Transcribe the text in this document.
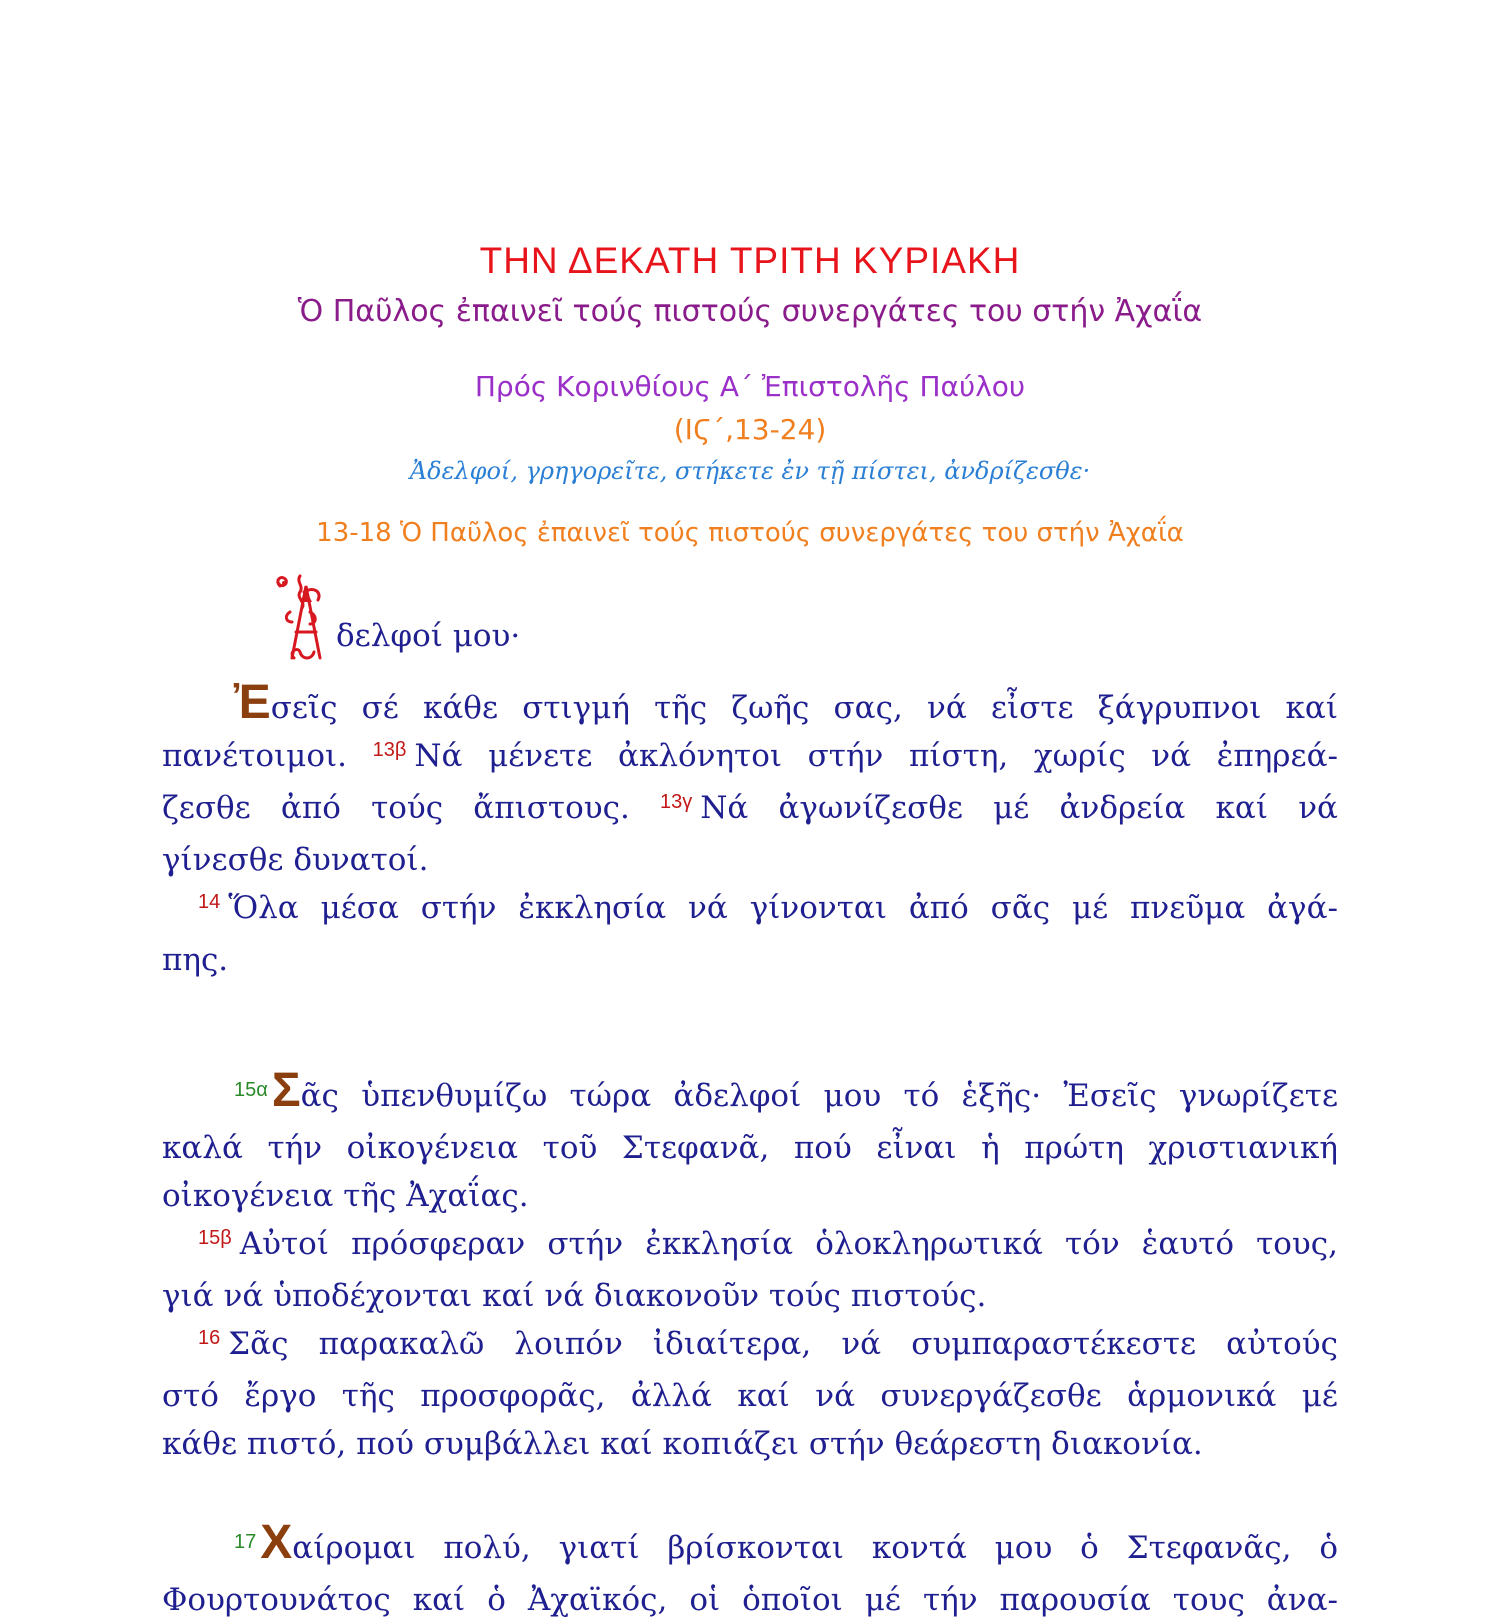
ΤΗΝ ΔΕΚΑΤΗ ΤΡΙΤΗ ΚΥΡΙΑΚΗ
Ὁ Παῦλος ἐπαινεῖ τούς πιστούς συνεργάτες του στήν Ἀχαΐα
Πρός Κορινθίους Α΄ Ἐπιστολῆς Παύλου
(ΙϚ΄,13-24)
Ἀδελφοί, γρηγορεῖτε, στήκετε ἐν τῇ πίστει, ἀνδρίζεσθε·
13-18 Ὁ Παῦλος ἐπαινεῖ τούς πιστούς συνεργάτες του στήν Ἀχαΐα
δελφοί μου·

Ἐσεῖς σέ κάθε στιγμή τῆς ζωῆς σας, νά εἶστε ξάγρυπνοι καί
πανέτοιμοι. $^{13\beta}$ Νά μένετε ἀκλόνητοι στήν πίστη, χωρίς νά ἐπηρεά-
ζεσθε ἀπό τούς ἄπιστους. $^{13\gamma}$ Νά ἀγωνίζεσθε μέ ἀνδρεία καί νά
γίνεσθε δυνατοί.

$^{14}$ Ὅλα μέσα στήν ἐκκλησία νά γίνονται ἀπό σᾶς μέ πνεῦμα ἀγά-
πης.

$^{15\alpha}$Σᾶς ὑπενθυμίζω τώρα ἀδελφοί μου τό ἑξῆς· Ἐσεῖς γνωρίζετε
καλά τήν οἰκογένεια τοῦ Στεφανᾶ, πού εἶναι ἡ πρώτη χριστιανική
οἰκογένεια τῆς Ἀχαΐας.

$^{15\beta}$ Αὐτοί πρόσφεραν στήν ἐκκλησία ὁλοκληρωτικά τόν ἑαυτό τους,
γιά νά ὑποδέχονται καί νά διακονοῦν τούς πιστούς.

$^{16}$ Σᾶς παρακαλῶ λοιπόν ἰδιαίτερα, νά συμπαραστέκεστε αὐτούς
στό ἔργο τῆς προσφορᾶς, ἀλλά καί νά συνεργάζεσθε ἁρμονικά μέ
κάθε πιστό, πού συμβάλλει καί κοπιάζει στήν θεάρεστη διακονία.

$^{17}$Χαίρομαι πολύ, γιατί βρίσκονται κοντά μου ὁ Στεφανᾶς, ὁ
Φουρτουνάτος καί ὁ Ἀχαϊκός, οἱ ὁποῖοι μέ τήν παρουσία τους ἀνα-
